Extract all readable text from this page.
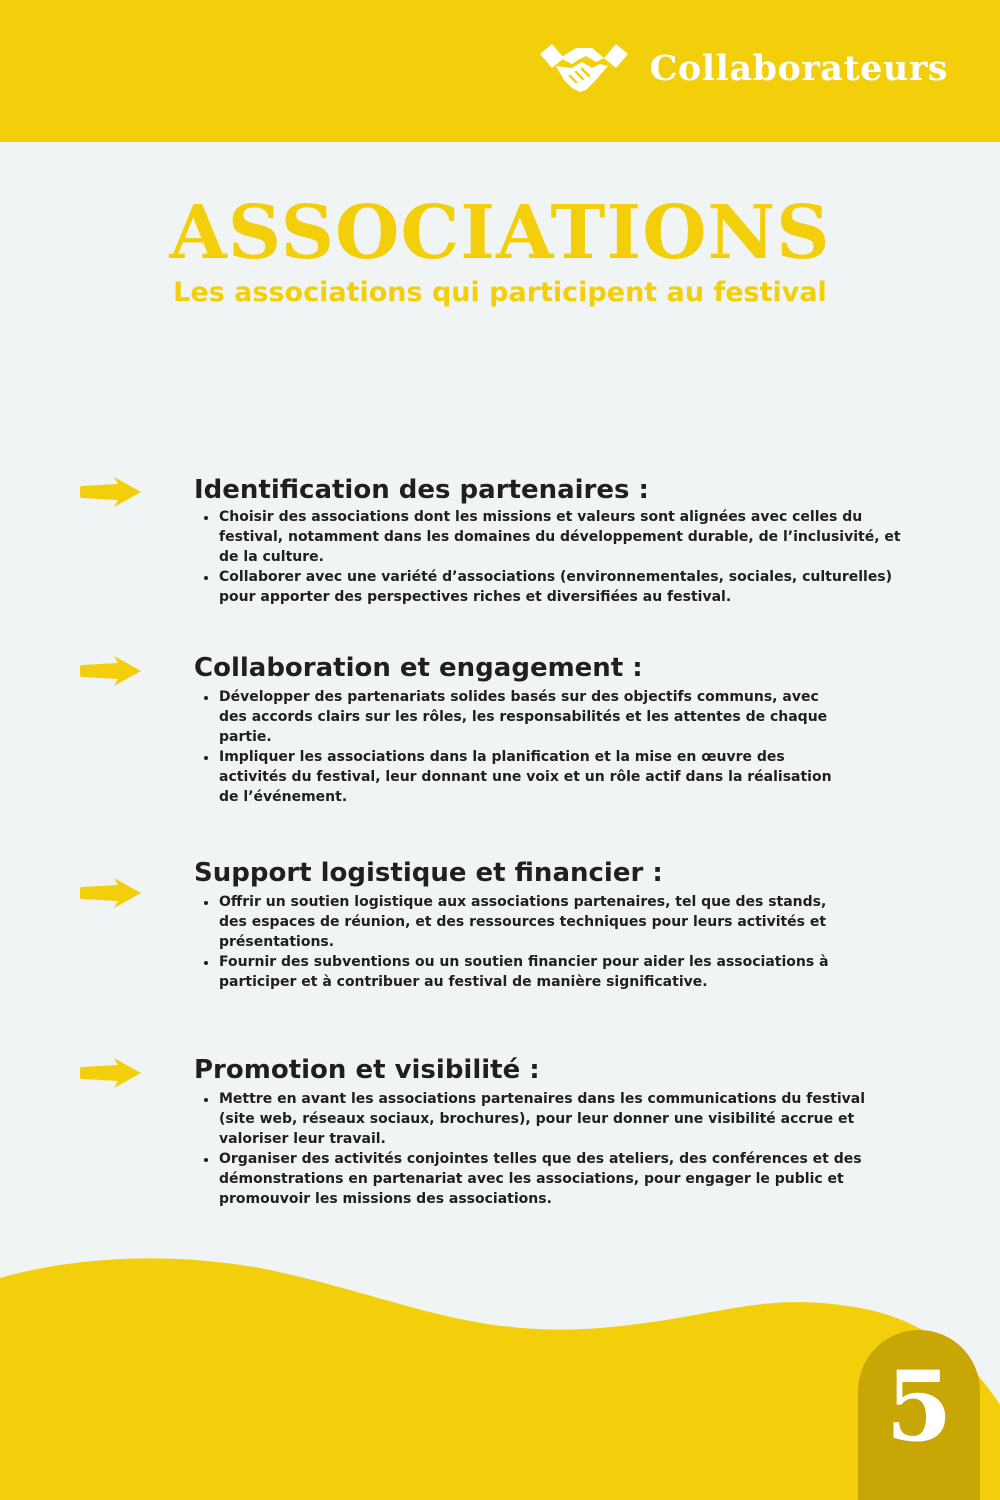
Collaborateurs
ASSOCIATIONS
Les associations qui participent au festival
Identification des partenaires :
Choisir des associations dont les missions et valeurs sont alignées avec celles du festival, notamment dans les domaines du développement durable, de l’inclusivité, et de la culture.
Collaborer avec une variété d’associations (environnementales, sociales, culturelles) pour apporter des perspectives riches et diversifiées au festival.
Collaboration et engagement :
Développer des partenariats solides basés sur des objectifs communs, avec des accords clairs sur les rôles, les responsabilités et les attentes de chaque partie.
Impliquer les associations dans la planification et la mise en œuvre des activités du festival, leur donnant une voix et un rôle actif dans la réalisation de l’événement.
Support logistique et financier :
Offrir un soutien logistique aux associations partenaires, tel que des stands, des espaces de réunion, et des ressources techniques pour leurs activités et présentations.
Fournir des subventions ou un soutien financier pour aider les associations à participer et à contribuer au festival de manière significative.
Promotion et visibilité :
Mettre en avant les associations partenaires dans les communications du festival (site web, réseaux sociaux, brochures), pour leur donner une visibilité accrue et valoriser leur travail.
Organiser des activités conjointes telles que des ateliers, des conférences et des démonstrations en partenariat avec les associations, pour engager le public et promouvoir les missions des associations.
5
